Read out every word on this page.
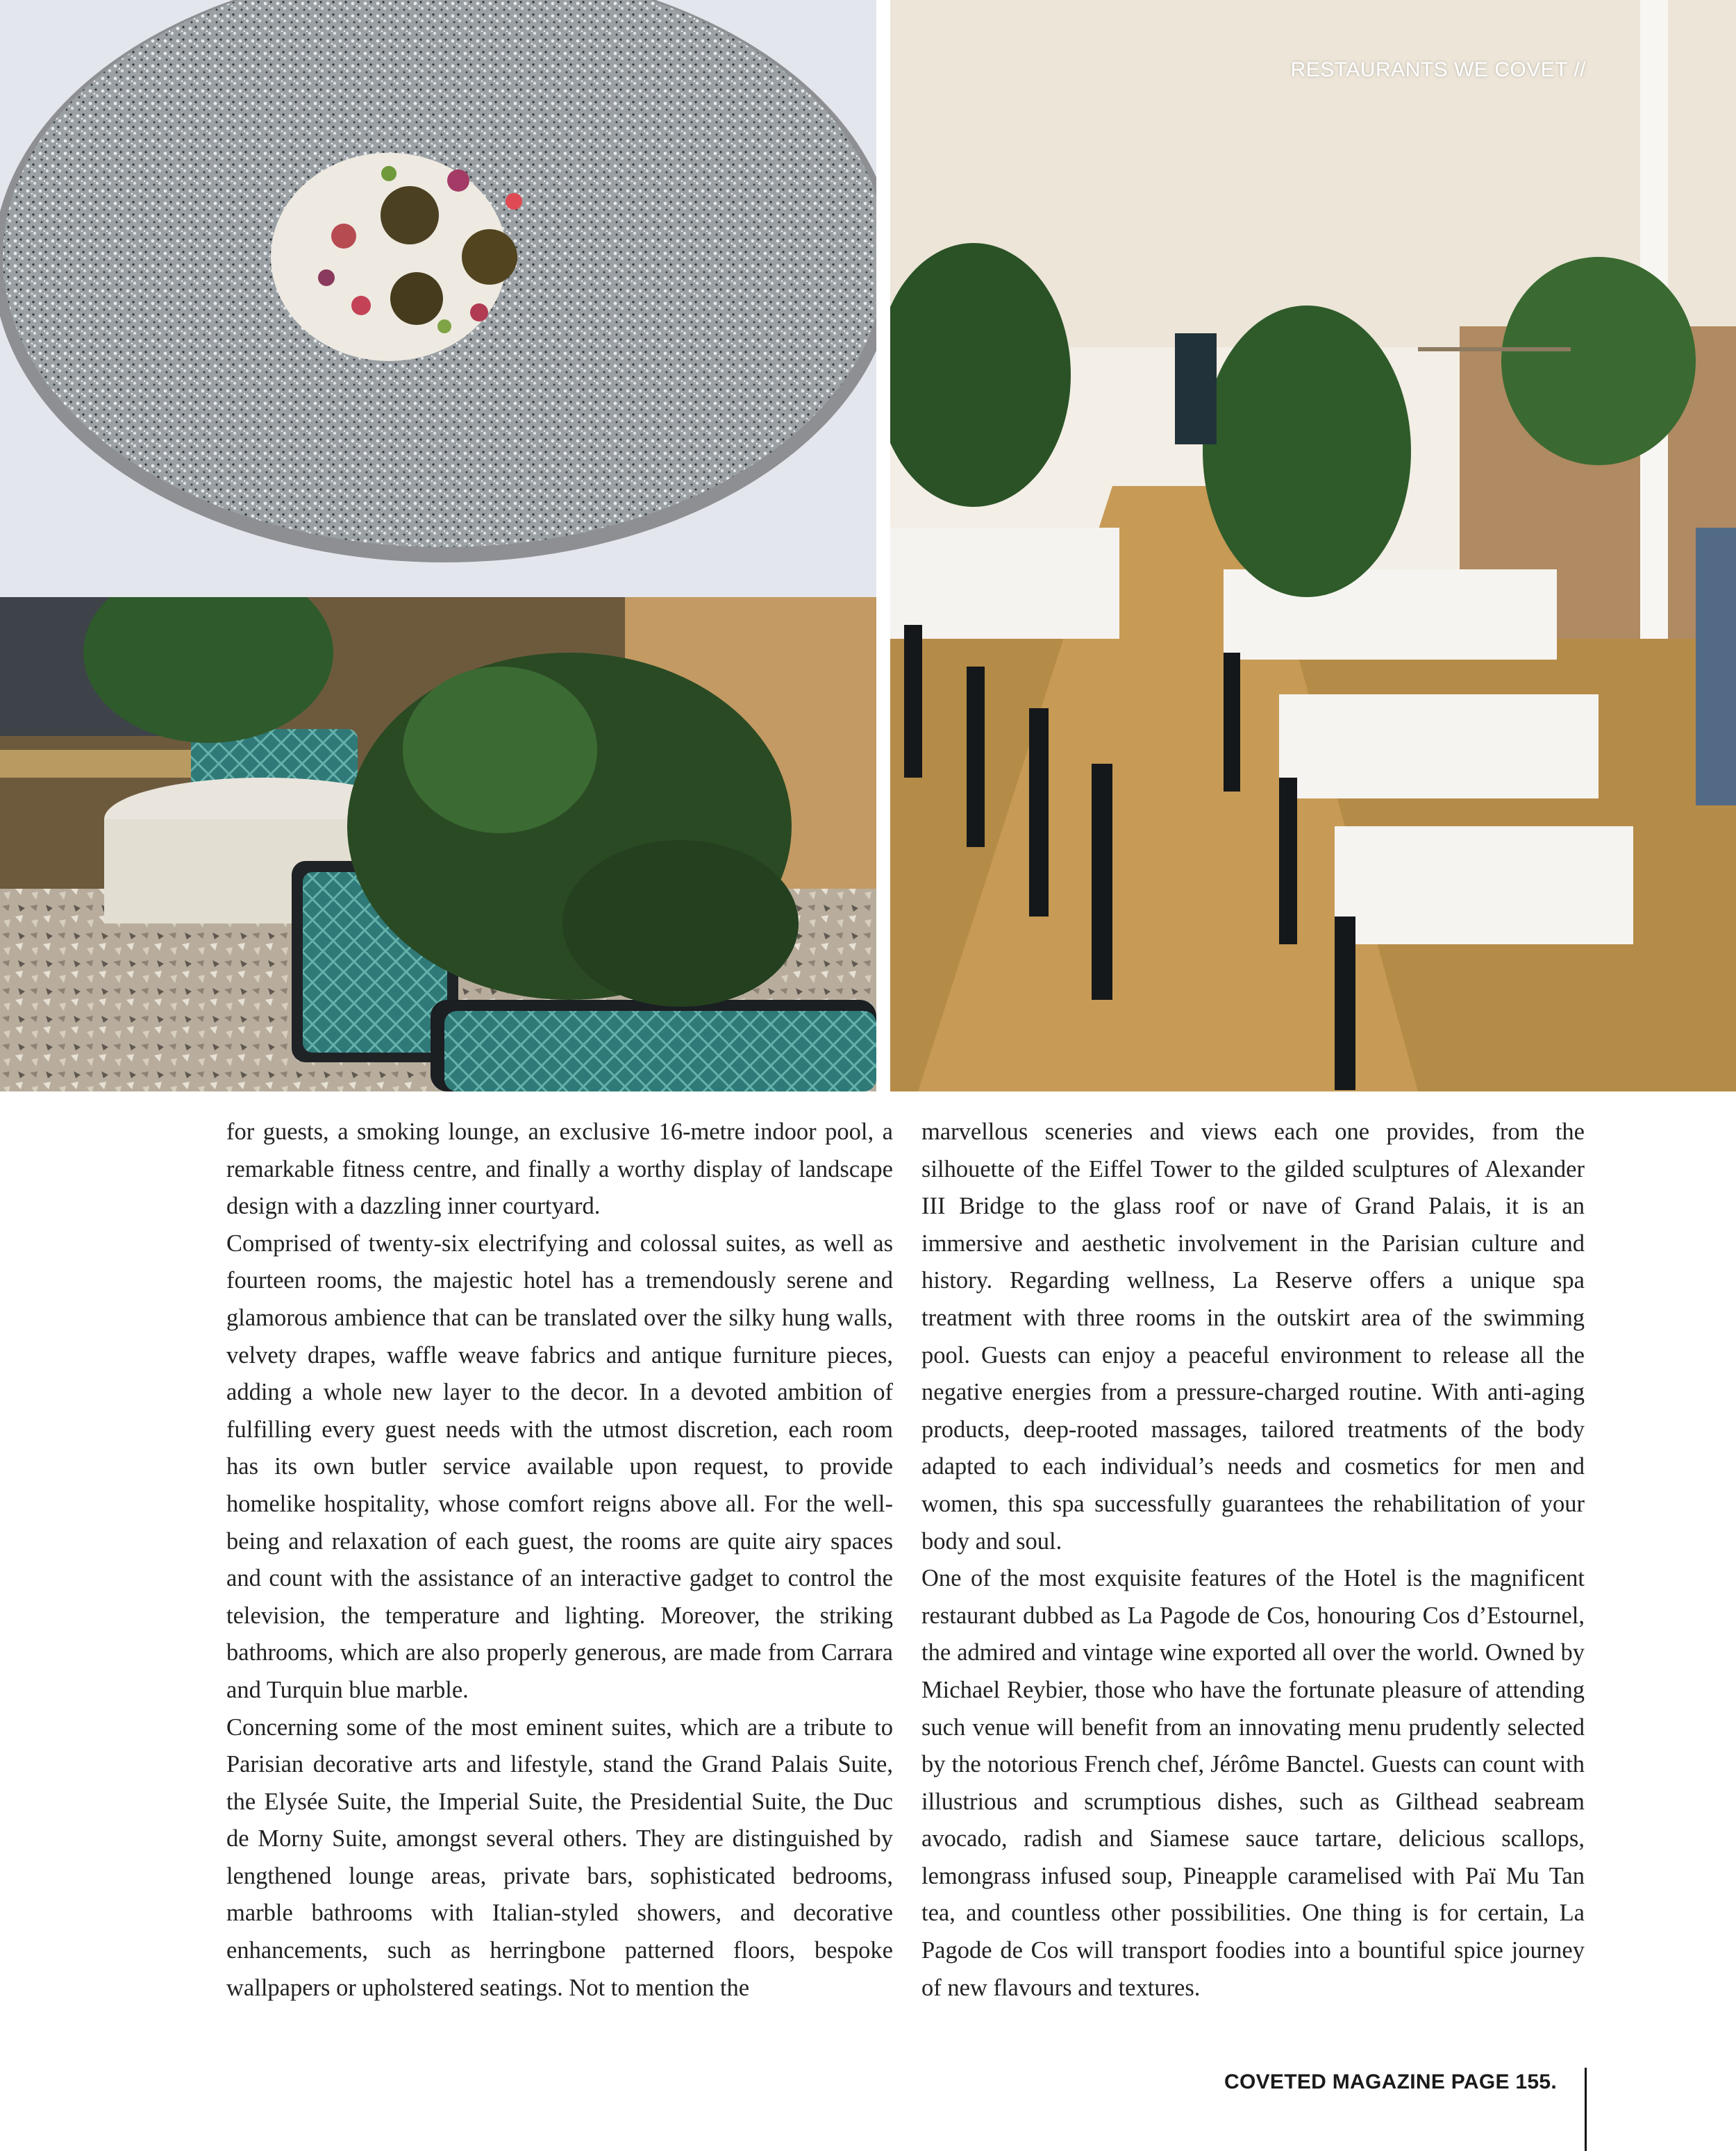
RESTAURANTS WE COVET //

for guests, a smoking lounge, an exclusive 16-metre indoor pool, a remarkable fitness centre, and finally a worthy display of landscape design with a dazzling inner courtyard.

Comprised of twenty-six electrifying and colossal suites, as well as fourteen rooms, the majestic hotel has a tremendously serene and glamorous ambience that can be translated over the silky hung walls, velvety drapes, waffle weave fabrics and antique furniture pieces, adding a whole new layer to the decor. In a devoted ambition of fulfilling every guest needs with the utmost discretion, each room has its own butler service available upon request, to provide homelike hospitality, whose comfort reigns above all. For the well-being and relaxation of each guest, the rooms are quite airy spaces and count with the assistance of an interactive gadget to control the television, the temperature and lighting. Moreover, the striking bathrooms, which are also properly generous, are made from Carrara and Turquin blue marble.

Concerning some of the most eminent suites, which are a tribute to Parisian decorative arts and lifestyle, stand the Grand Palais Suite, the Elysée Suite, the Imperial Suite, the Presidential Suite, the Duc de Morny Suite, amongst several others. They are distinguished by lengthened lounge areas, private bars, sophisticated bedrooms, marble bathrooms with Italian-styled showers, and decorative enhancements, such as herringbone patterned floors, bespoke wallpapers or upholstered seatings. Not to mention the

marvellous sceneries and views each one provides, from the silhouette of the Eiffel Tower to the gilded sculptures of Alexander III Bridge to the glass roof or nave of Grand Palais, it is an immersive and aesthetic involvement in the Parisian culture and history. Regarding wellness, La Reserve offers a unique spa treatment with three rooms in the outskirt area of the swimming pool. Guests can enjoy a peaceful environment to release all the negative energies from a pressure-charged routine. With anti-aging products, deep-rooted massages, tailored treatments of the body adapted to each individual’s needs and cosmetics for men and women, this spa successfully guarantees the rehabilitation of your body and soul.

One of the most exquisite features of the Hotel is the magnificent restaurant dubbed as La Pagode de Cos, honouring Cos d’Estournel, the admired and vintage wine exported all over the world. Owned by Michael Reybier, those who have the fortunate pleasure of attending such venue will benefit from an innovating menu prudently selected by the notorious French chef, Jérôme Banctel. Guests can count with illustrious and scrumptious dishes, such as Gilthead seabream avocado, radish and Siamese sauce tartare, delicious scallops, lemongrass infused soup, Pineapple caramelised with Paï Mu Tan tea, and countless other possibilities. One thing is for certain, La Pagode de Cos will transport foodies into a bountiful spice journey of new flavours and textures.

COVETED MAGAZINE PAGE 155.
